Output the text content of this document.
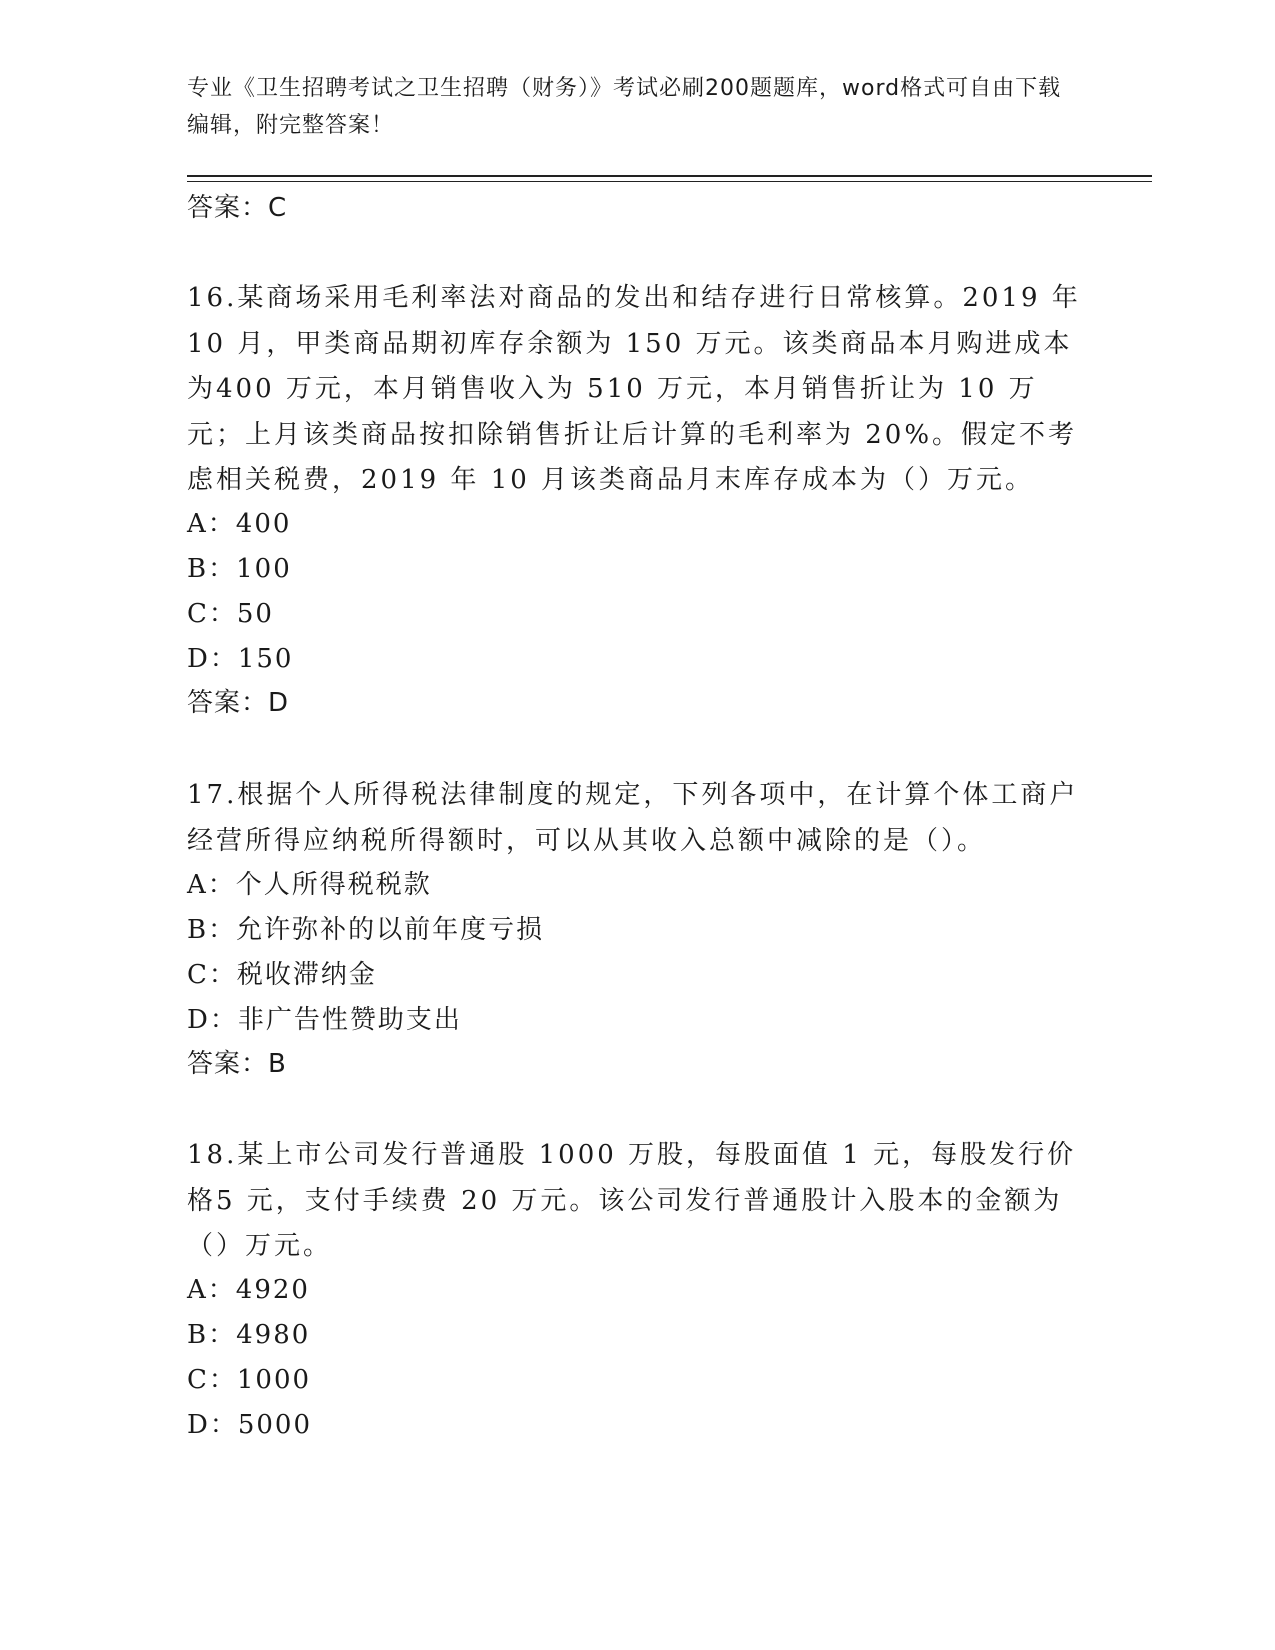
专业《卫生招聘考试之卫生招聘（财务）》考试必刷200题题库，word格式可自由下载编辑，附完整答案！
答案：C
16.某商场采用毛利率法对商品的发出和结存进行日常核算。2019 年10 月，甲类商品期初库存余额为 150 万元。该类商品本月购进成本为400 万元，本月销售收入为 510 万元，本月销售折让为 10 万元；上月该类商品按扣除销售折让后计算的毛利率为 20%。假定不考虑相关税费，2019 年 10 月该类商品月末库存成本为（）万元。
A：400
B：100
C：50
D：150
答案：D
17.根据个人所得税法律制度的规定，下列各项中，在计算个体工商户经营所得应纳税所得额时，可以从其收入总额中减除的是（）。
A：个人所得税税款
B：允许弥补的以前年度亏损
C：税收滞纳金
D：非广告性赞助支出
答案：B
18.某上市公司发行普通股 1000 万股，每股面值 1 元，每股发行价格5 元，支付手续费 20 万元。该公司发行普通股计入股本的金额为（）万元。
A：4920
B：4980
C：1000
D：5000
